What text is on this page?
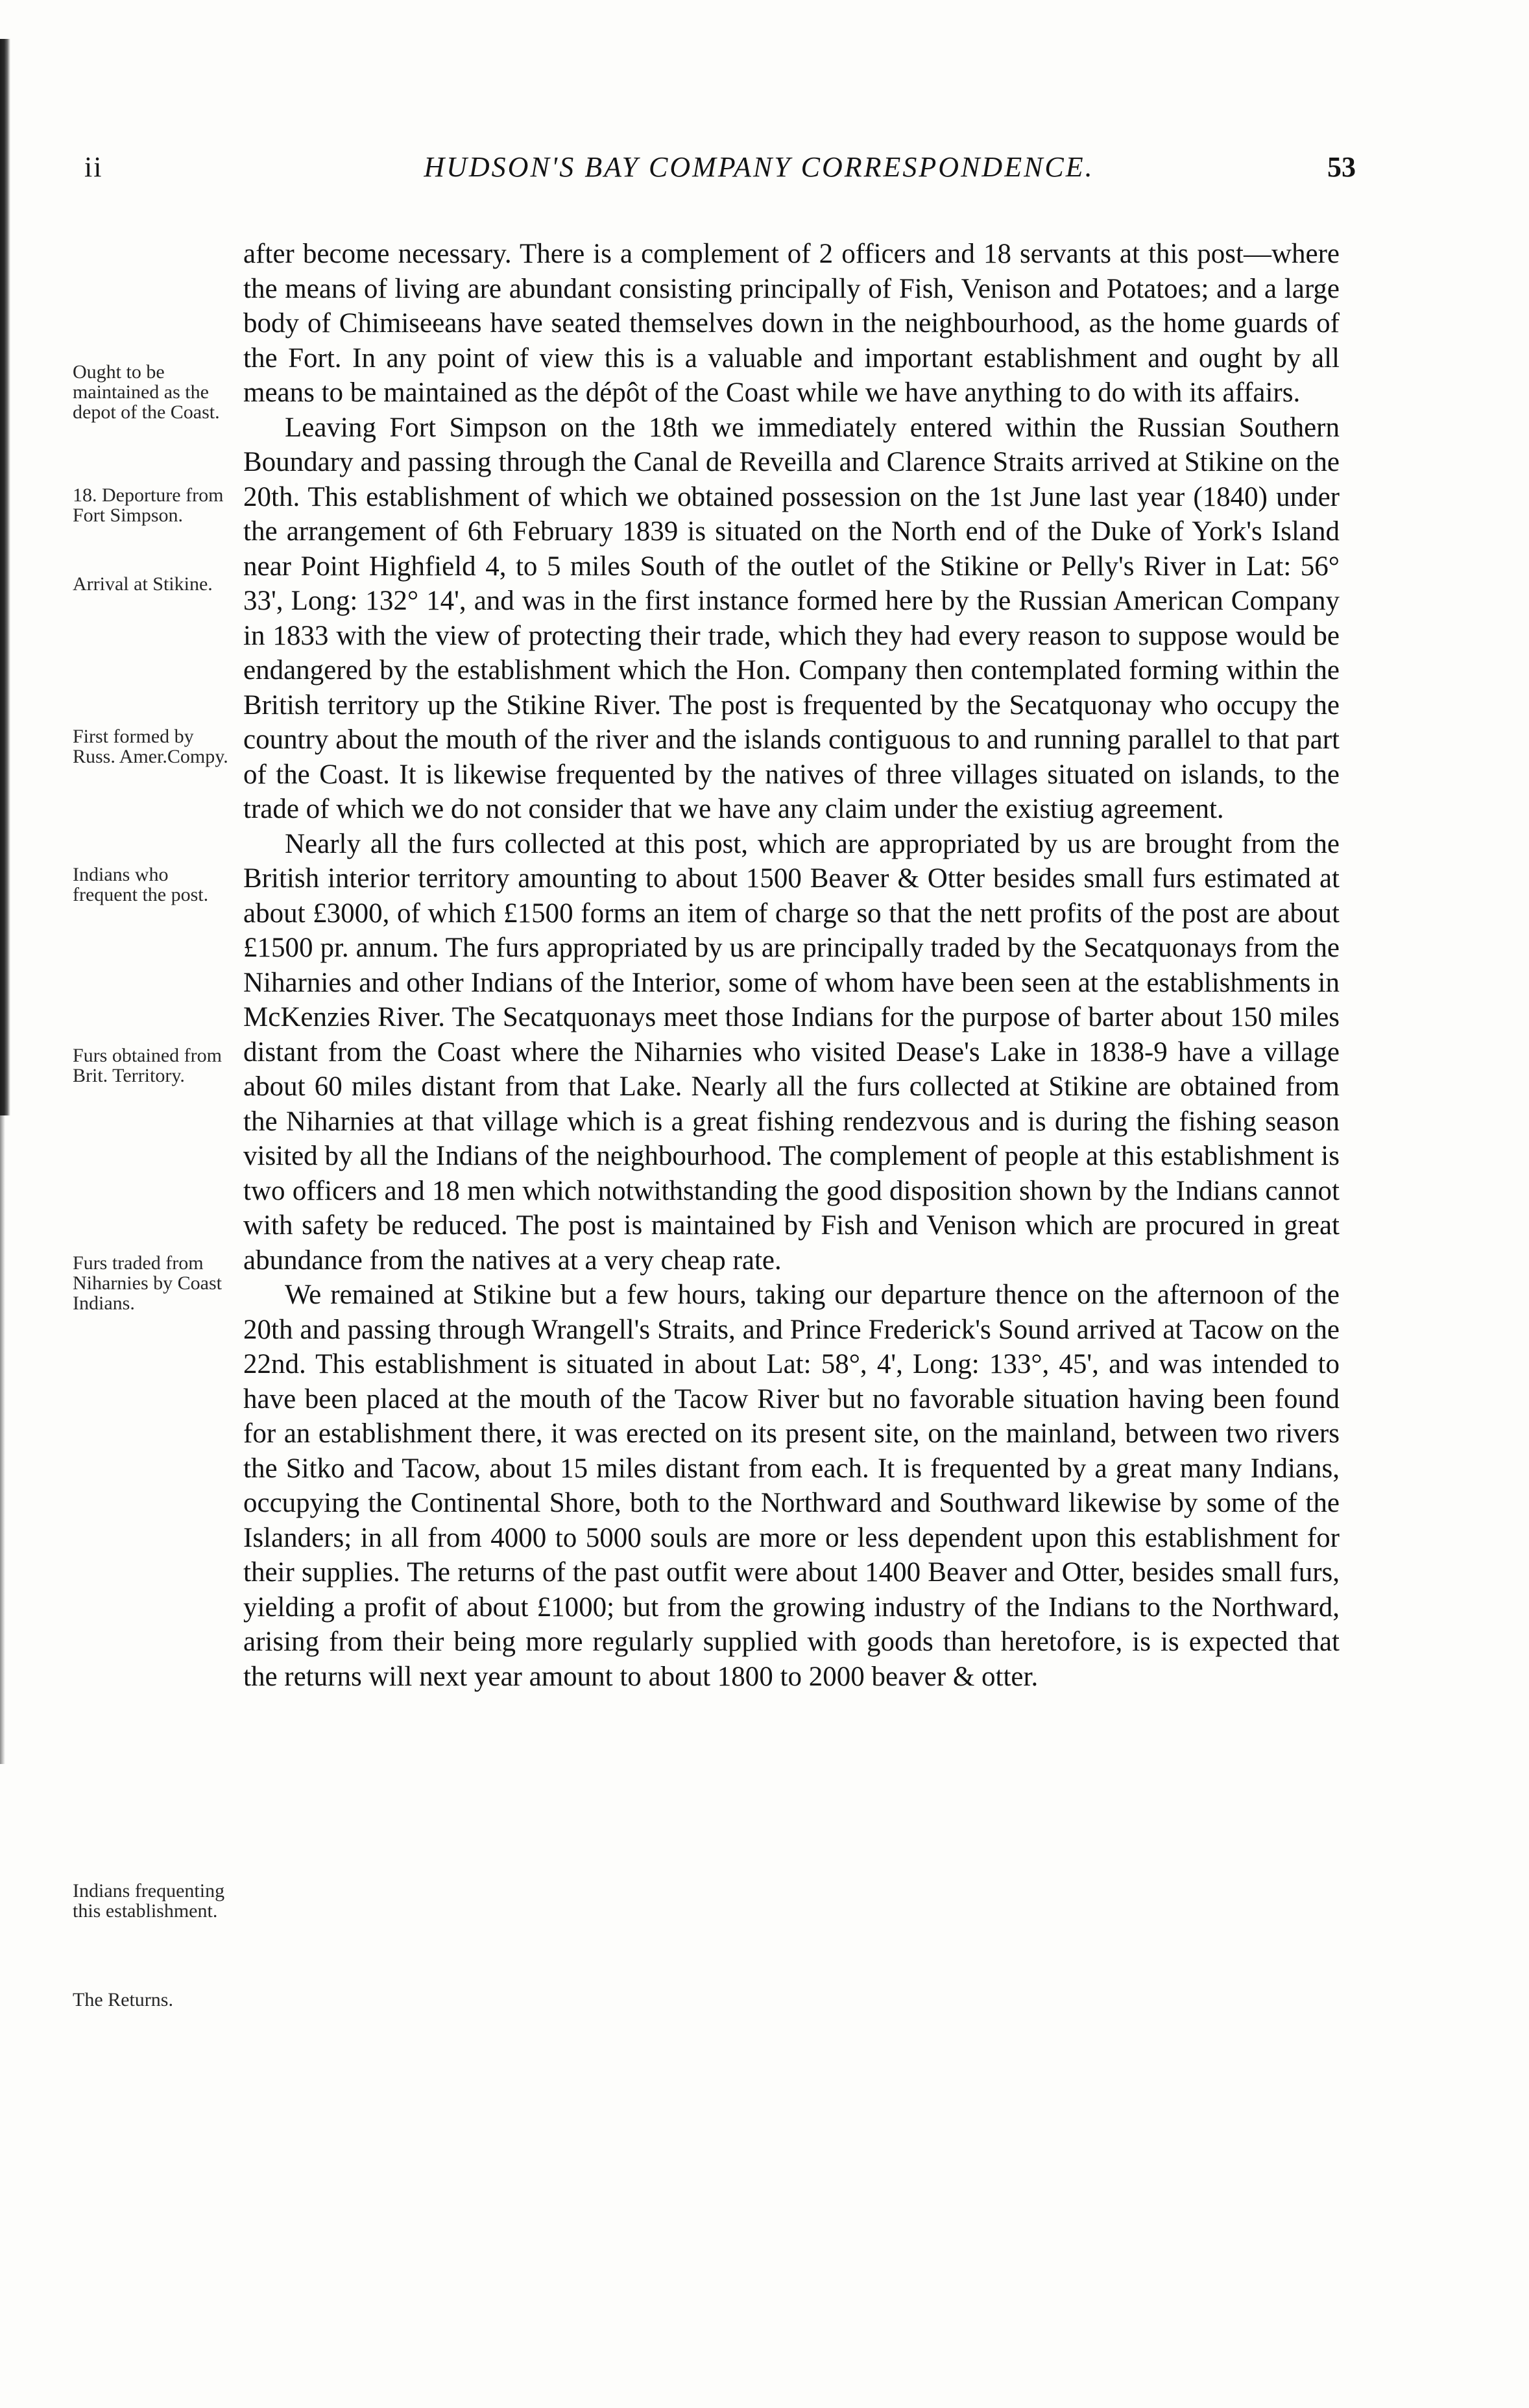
ii	HUDSON'S BAY COMPANY CORRESPONDENCE.	53
Ought to be maintained as the depot of the Coast.
18. Deporture from Fort Simpson.
Arrival at Stikine.
First formed by Russ. Amer.Compy.
Indians who frequent the post.
Furs obtained from Brit. Territory.
Furs traded from Niharnies by Coast Indians.
Indians frequenting this establishment.
The Returns.

after become necessary. There is a complement of 2 officers and 18 servants at this post—where the means of living are abundant consisting principally of Fish, Venison and Potatoes; and a large body of Chimiseeans have seated themselves down in the neighbourhood, as the home guards of the Fort. In any point of view this is a valuable and important establishment and ought by all means to be maintained as the dépôt of the Coast while we have anything to do with its affairs.

Leaving Fort Simpson on the 18th we immediately entered within the Russian Southern Boundary and passing through the Canal de Reveilla and Clarence Straits arrived at Stikine on the 20th. This establishment of which we obtained possession on the 1st June last year (1840) under the arrangement of 6th February 1839 is situated on the North end of the Duke of York's Island near Point Highfield 4, to 5 miles South of the outlet of the Stikine or Pelly's River in Lat: 56° 33', Long: 132° 14', and was in the first instance formed here by the Russian American Company in 1833 with the view of protecting their trade, which they had every reason to suppose would be endangered by the establishment which the Hon. Company then contemplated forming within the British territory up the Stikine River. The post is frequented by the Secatquonay who occupy the country about the mouth of the river and the islands contiguous to and running parallel to that part of the Coast. It is likewise frequented by the natives of three villages situated on islands, to the trade of which we do not consider that we have any claim under the existiug agreement.

Nearly all the furs collected at this post, which are appropriated by us are brought from the British interior territory amounting to about 1500 Beaver & Otter besides small furs estimated at about £3000, of which £1500 forms an item of charge so that the nett profits of the post are about £1500 pr. annum. The furs appropriated by us are principally traded by the Secatquonays from the Niharnies and other Indians of the Interior, some of whom have been seen at the establishments in McKenzies River. The Secatquonays meet those Indians for the purpose of barter about 150 miles distant from the Coast where the Niharnies who visited Dease's Lake in 1838-9 have a village about 60 miles distant from that Lake. Nearly all the furs collected at Stikine are obtained from the Niharnies at that village which is a great fishing rendezvous and is during the fishing season visited by all the Indians of the neighbourhood. The complement of people at this establishment is two officers and 18 men which notwithstanding the good disposition shown by the Indians cannot with safety be reduced. The post is maintained by Fish and Venison which are procured in great abundance from the natives at a very cheap rate.

We remained at Stikine but a few hours, taking our departure thence on the afternoon of the 20th and passing through Wrangell's Straits, and Prince Frederick's Sound arrived at Tacow on the 22nd. This establishment is situated in about Lat: 58°, 4', Long: 133°, 45', and was intended to have been placed at the mouth of the Tacow River but no favorable situation having been found for an establishment there, it was erected on its present site, on the mainland, between two rivers the Sitko and Tacow, about 15 miles distant from each. It is frequented by a great many Indians, occupying the Continental Shore, both to the Northward and Southward likewise by some of the Islanders; in all from 4000 to 5000 souls are more or less dependent upon this establishment for their supplies. The returns of the past outfit were about 1400 Beaver and Otter, besides small furs, yielding a profit of about £1000; but from the growing industry of the Indians to the Northward, arising from their being more regularly supplied with goods than heretofore, is is expected that the returns will next year amount to about 1800 to 2000 beaver & otter.
